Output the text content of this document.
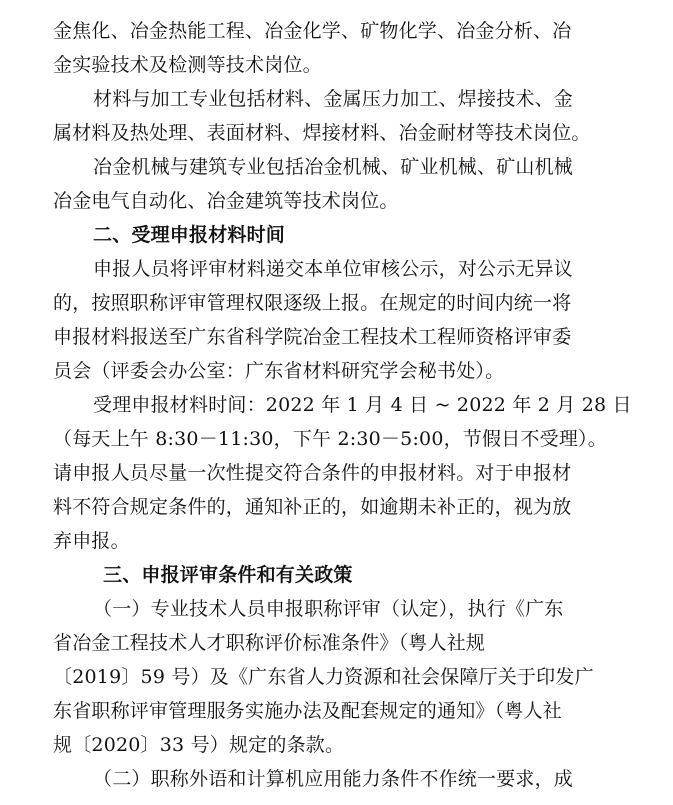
金焦化、冶金热能工程、冶金化学、矿物化学、冶金分析、冶
金实验技术及检测等技术岗位。
材料与加工专业包括材料、金属压力加工、焊接技术、金
属材料及热处理、表面材料、焊接材料、冶金耐材等技术岗位。
冶金机械与建筑专业包括冶金机械、矿业机械、矿山机械
冶金电气自动化、冶金建筑等技术岗位。
二、受理申报材料时间
申报人员将评审材料递交本单位审核公示，对公示无异议
的，按照职称评审管理权限逐级上报。在规定的时间内统一将
申报材料报送至广东省科学院冶金工程技术工程师资格评审委
员会（评委会办公室：广东省材料研究学会秘书处）。
受理申报材料时间：2022 年 1 月 4 日 ~ 2022 年 2 月 28 日
（每天上午 8:30－11:30，下午 2:30－5:00，节假日不受理）。
请申报人员尽量一次性提交符合条件的申报材料。对于申报材
料不符合规定条件的，通知补正的，如逾期未补正的，视为放
弃申报。
三、申报评审条件和有关政策
（一）专业技术人员申报职称评审（认定），执行《广东
省冶金工程技术人才职称评价标准条件》（粤人社规
〔2019〕59 号）及《广东省人力资源和社会保障厅关于印发广
东省职称评审管理服务实施办法及配套规定的通知》（粤人社
规〔2020〕33 号）规定的条款。
（二）职称外语和计算机应用能力条件不作统一要求，成
